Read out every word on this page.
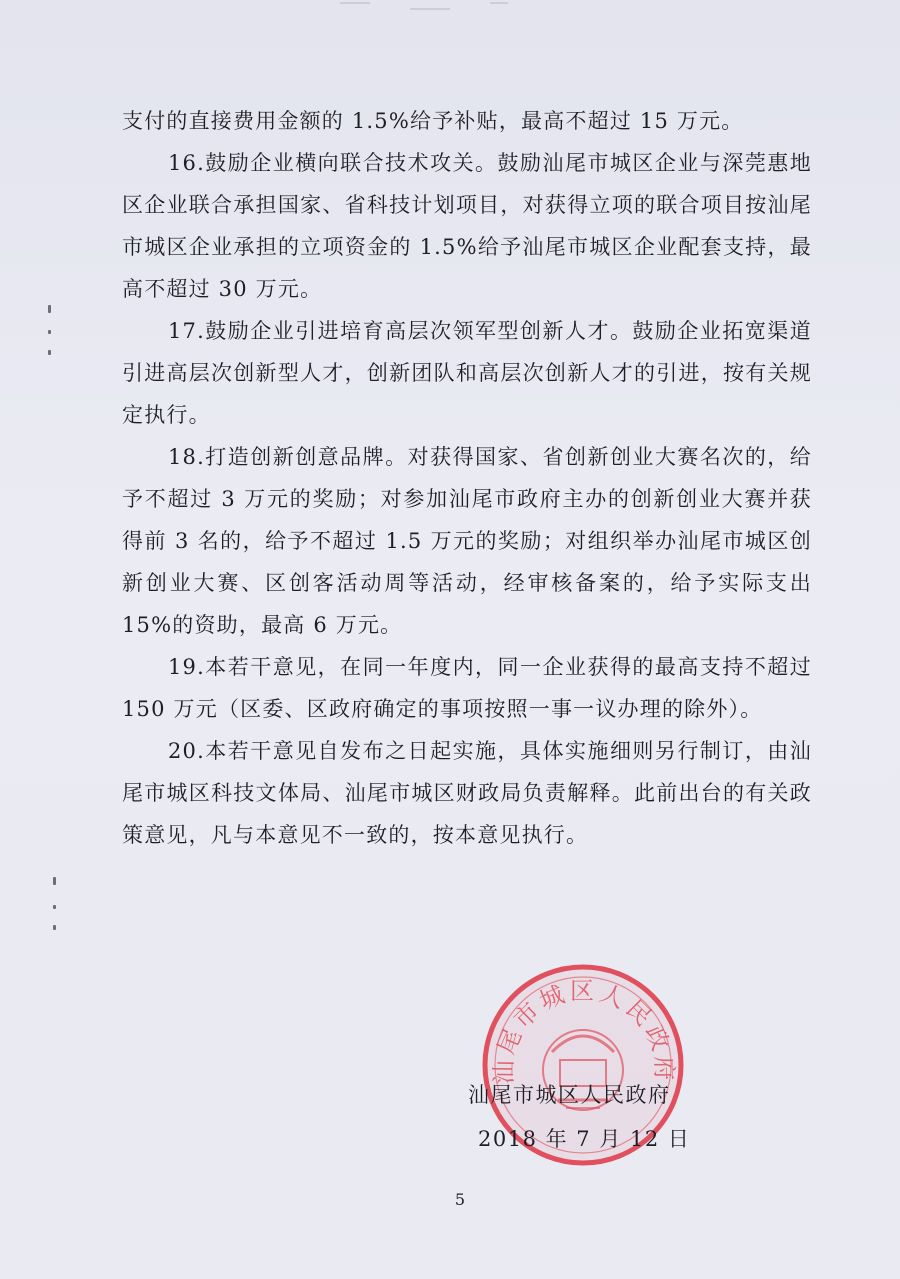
支付的直接费用金额的 1.5%给予补贴，最高不超过 15 万元。

16.鼓励企业横向联合技术攻关。鼓励汕尾市城区企业与深莞惠地区企业联合承担国家、省科技计划项目，对获得立项的联合项目按汕尾市城区企业承担的立项资金的 1.5%给予汕尾市城区企业配套支持，最高不超过 30 万元。

17.鼓励企业引进培育高层次领军型创新人才。鼓励企业拓宽渠道引进高层次创新型人才，创新团队和高层次创新人才的引进，按有关规定执行。

18.打造创新创意品牌。对获得国家、省创新创业大赛名次的，给予不超过 3 万元的奖励；对参加汕尾市政府主办的创新创业大赛并获得前 3 名的，给予不超过 1.5 万元的奖励；对组织举办汕尾市城区创新创业大赛、区创客活动周等活动，经审核备案的，给予实际支出 15%的资助，最高 6 万元。

19.本若干意见，在同一年度内，同一企业获得的最高支持不超过 150 万元（区委、区政府确定的事项按照一事一议办理的除外）。

20.本若干意见自发布之日起实施，具体实施细则另行制订，由汕尾市城区科技文体局、汕尾市城区财政局负责解释。此前出台的有关政策意见，凡与本意见不一致的，按本意见执行。

汕尾市城区人民政府
汕尾市城区人民政府
2018 年 7 月 12 日
5
